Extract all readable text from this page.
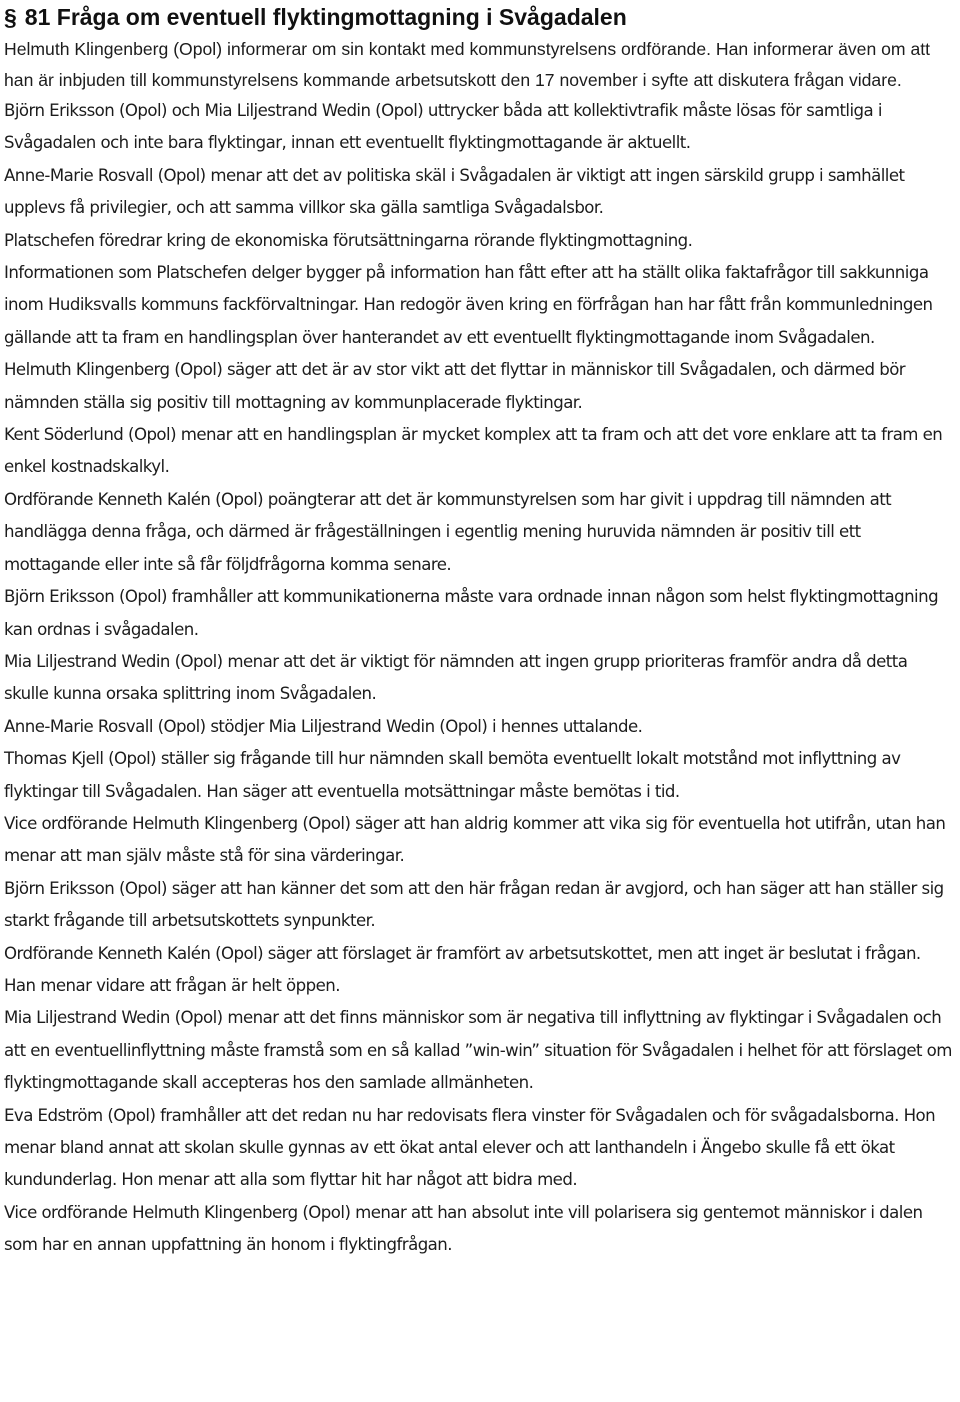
§ 81 Fråga om eventuell flyktingmottagning i Svågadalen

Helmuth Klingenberg (Opol) informerar om sin kontakt med kommunstyrelsens ordförande. Han informerar även om att han är inbjuden till kommunstyrelsens kommande arbetsutskott den 17 november i syfte att diskutera frågan vidare.

Björn Eriksson (Opol) och Mia Liljestrand Wedin (Opol) uttrycker båda att kollektivtrafik måste lösas för samtliga i Svågadalen och inte bara flyktingar, innan ett eventuellt flyktingmottagande är aktuellt.

Anne-Marie Rosvall (Opol) menar att det av politiska skäl i Svågadalen är viktigt att ingen särskild grupp i samhället upplevs få privilegier, och att samma villkor ska gälla samtliga Svågadalsbor.

Platschefen föredrar kring de ekonomiska förutsättningarna rörande flyktingmottagning.

Informationen som Platschefen delger bygger på information han fått efter att ha ställt olika faktafrågor till sakkunniga inom Hudiksvalls kommuns fackförvaltningar. Han redogör även kring en förfrågan han har fått från kommunledningen gällande att ta fram en handlingsplan över hanterandet av ett eventuellt flyktingmottagande inom Svågadalen.

Helmuth Klingenberg (Opol) säger att det är av stor vikt att det flyttar in människor till Svågadalen, och därmed bör nämnden ställa sig positiv till mottagning av kommunplacerade flyktingar.

Kent Söderlund (Opol) menar att en handlingsplan är mycket komplex att ta fram och att det vore enklare att ta fram en enkel kostnadskalkyl.

Ordförande Kenneth Kalén (Opol) poängterar att det är kommunstyrelsen som har givit i uppdrag till nämnden att handlägga denna fråga, och därmed är frågeställningen i egentlig mening huruvida nämnden är positiv till ett mottagande eller inte så får följdfrågorna komma senare.

Björn Eriksson (Opol) framhåller att kommunikationerna måste vara ordnade innan någon som helst flyktingmottagning kan ordnas i svågadalen.

Mia Liljestrand Wedin (Opol) menar att det är viktigt för nämnden att ingen grupp prioriteras framför andra då detta skulle kunna orsaka splittring inom Svågadalen.

Anne-Marie Rosvall (Opol) stödjer Mia Liljestrand Wedin (Opol) i hennes uttalande.

Thomas Kjell (Opol) ställer sig frågande till hur nämnden skall bemöta eventuellt lokalt motstånd mot inflyttning av flyktingar till Svågadalen. Han säger att eventuella motsättningar måste bemötas i tid.

Vice ordförande Helmuth Klingenberg (Opol) säger att han aldrig kommer att vika sig för eventuella hot utifrån, utan han menar att man själv måste stå för sina värderingar.

Björn Eriksson (Opol) säger att han känner det som att den här frågan redan är avgjord, och han säger att han ställer sig starkt frågande till arbetsutskottets synpunkter.

Ordförande Kenneth Kalén (Opol) säger att förslaget är framfört av arbetsutskottet, men att inget är beslutat i frågan. Han menar vidare att frågan är helt öppen.

Mia Liljestrand Wedin (Opol) menar att det finns människor som är negativa till inflyttning av flyktingar i Svågadalen och att en eventuellinflyttning måste framstå som en så kallad ”win-win” situation för Svågadalen i helhet för att förslaget om flyktingmottagande skall accepteras hos den samlade allmänheten.

Eva Edström (Opol) framhåller att det redan nu har redovisats flera vinster för Svågadalen och för svågadalsborna. Hon menar bland annat att skolan skulle gynnas av ett ökat antal elever och att lanthandeln i Ängebo skulle få ett ökat kundunderlag. Hon menar att alla som flyttar hit har något att bidra med.

Vice ordförande Helmuth Klingenberg (Opol) menar att han absolut inte vill polarisera sig gentemot människor i dalen som har en annan uppfattning än honom i flyktingfrågan.
